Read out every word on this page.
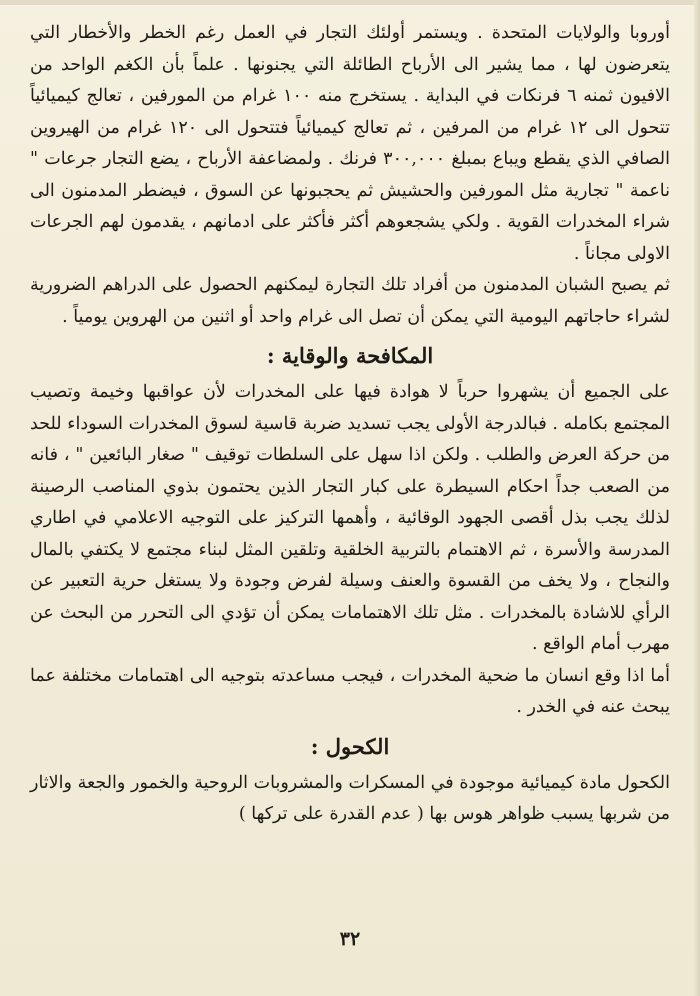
أوروبا والولايات المتحدة . ويستمر أولئك التجار في العمل رغم الخطر والأخطار التي يتعرضون لها ، مما يشير الى الأرباح الطائلة التي يجنونها . علماً بأن الكغم الواحد من الافيون ثمنه ٦ فرنكات في البداية . يستخرج منه ١٠٠ غرام من المورفين ، تعالج كيميائياً تتحول الى ١٢ غرام من المرفين ، ثم تعالج كيميائياً فتتحول الى ١٢٠ غرام من الهيروين الصافي الذي يقطع ويباع بمبلغ ٣٠٠,٠٠٠ فرنك . ولمضاعفة الأرباح ، يضع التجار جرعات " ناعمة " تجارية مثل المورفين والحشيش ثم يحجبونها عن السوق ، فيضطر المدمنون الى شراء المخدرات القوية . ولكي يشجعوهم أكثر فأكثر على ادمانهم ، يقدمون لهم الجرعات الاولى مجاناً .

ثم يصبح الشبان المدمنون من أفراد تلك التجارة ليمكنهم الحصول على الدراهم الضرورية لشراء حاجاتهم اليومية التي يمكن أن تصل الى غرام واحد أو اثنين من الهروين يومياً .

المكافحة والوقاية :

على الجميع أن يشهروا حرباً لا هوادة فيها على المخدرات لأن عواقبها وخيمة وتصيب المجتمع بكامله . فبالدرجة الأولى يجب تسديد ضربة قاسية لسوق المخدرات السوداء للحد من حركة العرض والطلب . ولكن اذا سهل على السلطات توقيف " صغار البائعين " ، فانه من الصعب جداً احكام السيطرة على كبار التجار الذين يحتمون بذوي المناصب الرصينة لذلك يجب بذل أقصى الجهود الوقائية ، وأهمها التركيز على التوجيه الاعلامي في اطاري المدرسة والأسرة ، ثم الاهتمام بالتربية الخلقية وتلقين المثل لبناء مجتمع لا يكتفي بالمال والنجاح ، ولا يخف من القسوة والعنف وسيلة لفرض وجودة ولا يستغل حرية التعبير عن الرأي للاشادة بالمخدرات . مثل تلك الاهتمامات يمكن أن تؤدي الى التحرر من البحث عن مهرب أمام الواقع .

أما اذا وقع انسان ما ضحية المخدرات ، فيجب مساعدته بتوجيه الى اهتمامات مختلفة عما يبحث عنه في الخدر .

الكحول :

الكحول مادة كيميائية موجودة في المسكرات والمشروبات الروحية والخمور والجعة والاثار من شربها يسبب ظواهر هوس بها ( عدم القدرة على تركها )

٣٢
